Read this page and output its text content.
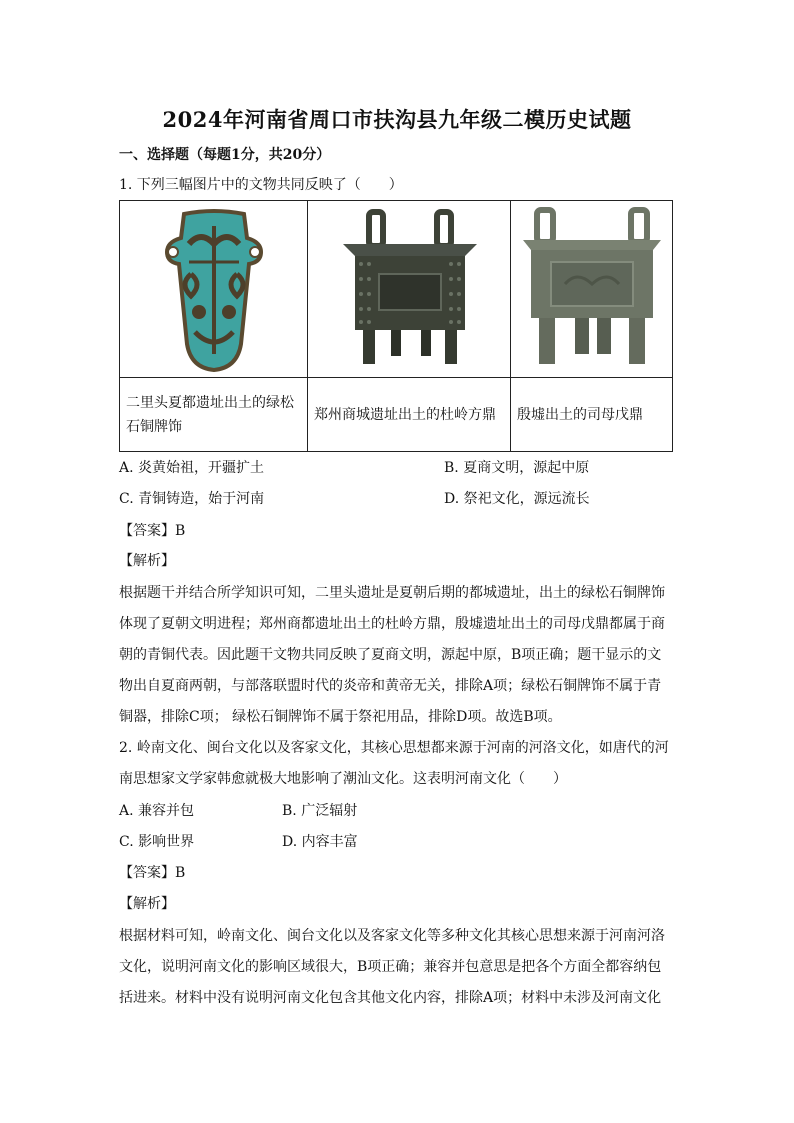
2024年河南省周口市扶沟县九年级二模历史试题
一、选择题（每题1分，共20分）
1. 下列三幅图片中的文物共同反映了（　　）

二里头夏都遗址出土的绿松
石铜牌饰	郑州商城遗址出土的杜岭方鼎	殷墟出土的司母戊鼎
A. 炎黄始祖，开疆扩土	B. 夏商文明，源起中原
C. 青铜铸造，始于河南	D. 祭祀文化，源远流长
【答案】B
【解析】
根据题干并结合所学知识可知，二里头遗址是夏朝后期的都城遗址，出土的绿松石铜牌饰
体现了夏朝文明进程；郑州商都遗址出土的杜岭方鼎，殷墟遗址出土的司母戊鼎都属于商
朝的青铜代表。因此题干文物共同反映了夏商文明，源起中原，B项正确；题干显示的文
物出自夏商两朝，与部落联盟时代的炎帝和黄帝无关，排除A项；绿松石铜牌饰不属于青
铜器，排除C项； 绿松石铜牌饰不属于祭祀用品，排除D项。故选B项。
2. 岭南文化、闽台文化以及客家文化，其核心思想都来源于河南的河洛文化，如唐代的河
南思想家文学家韩愈就极大地影响了潮汕文化。这表明河南文化（　　）
A. 兼容并包	B. 广泛辐射
C. 影响世界	D. 内容丰富
【答案】B
【解析】
根据材料可知，岭南文化、闽台文化以及客家文化等多种文化其核心思想来源于河南河洛
文化，说明河南文化的影响区域很大，B项正确；兼容并包意思是把各个方面全都容纳包
括进来。材料中没有说明河南文化包含其他文化内容，排除A项；材料中未涉及河南文化
